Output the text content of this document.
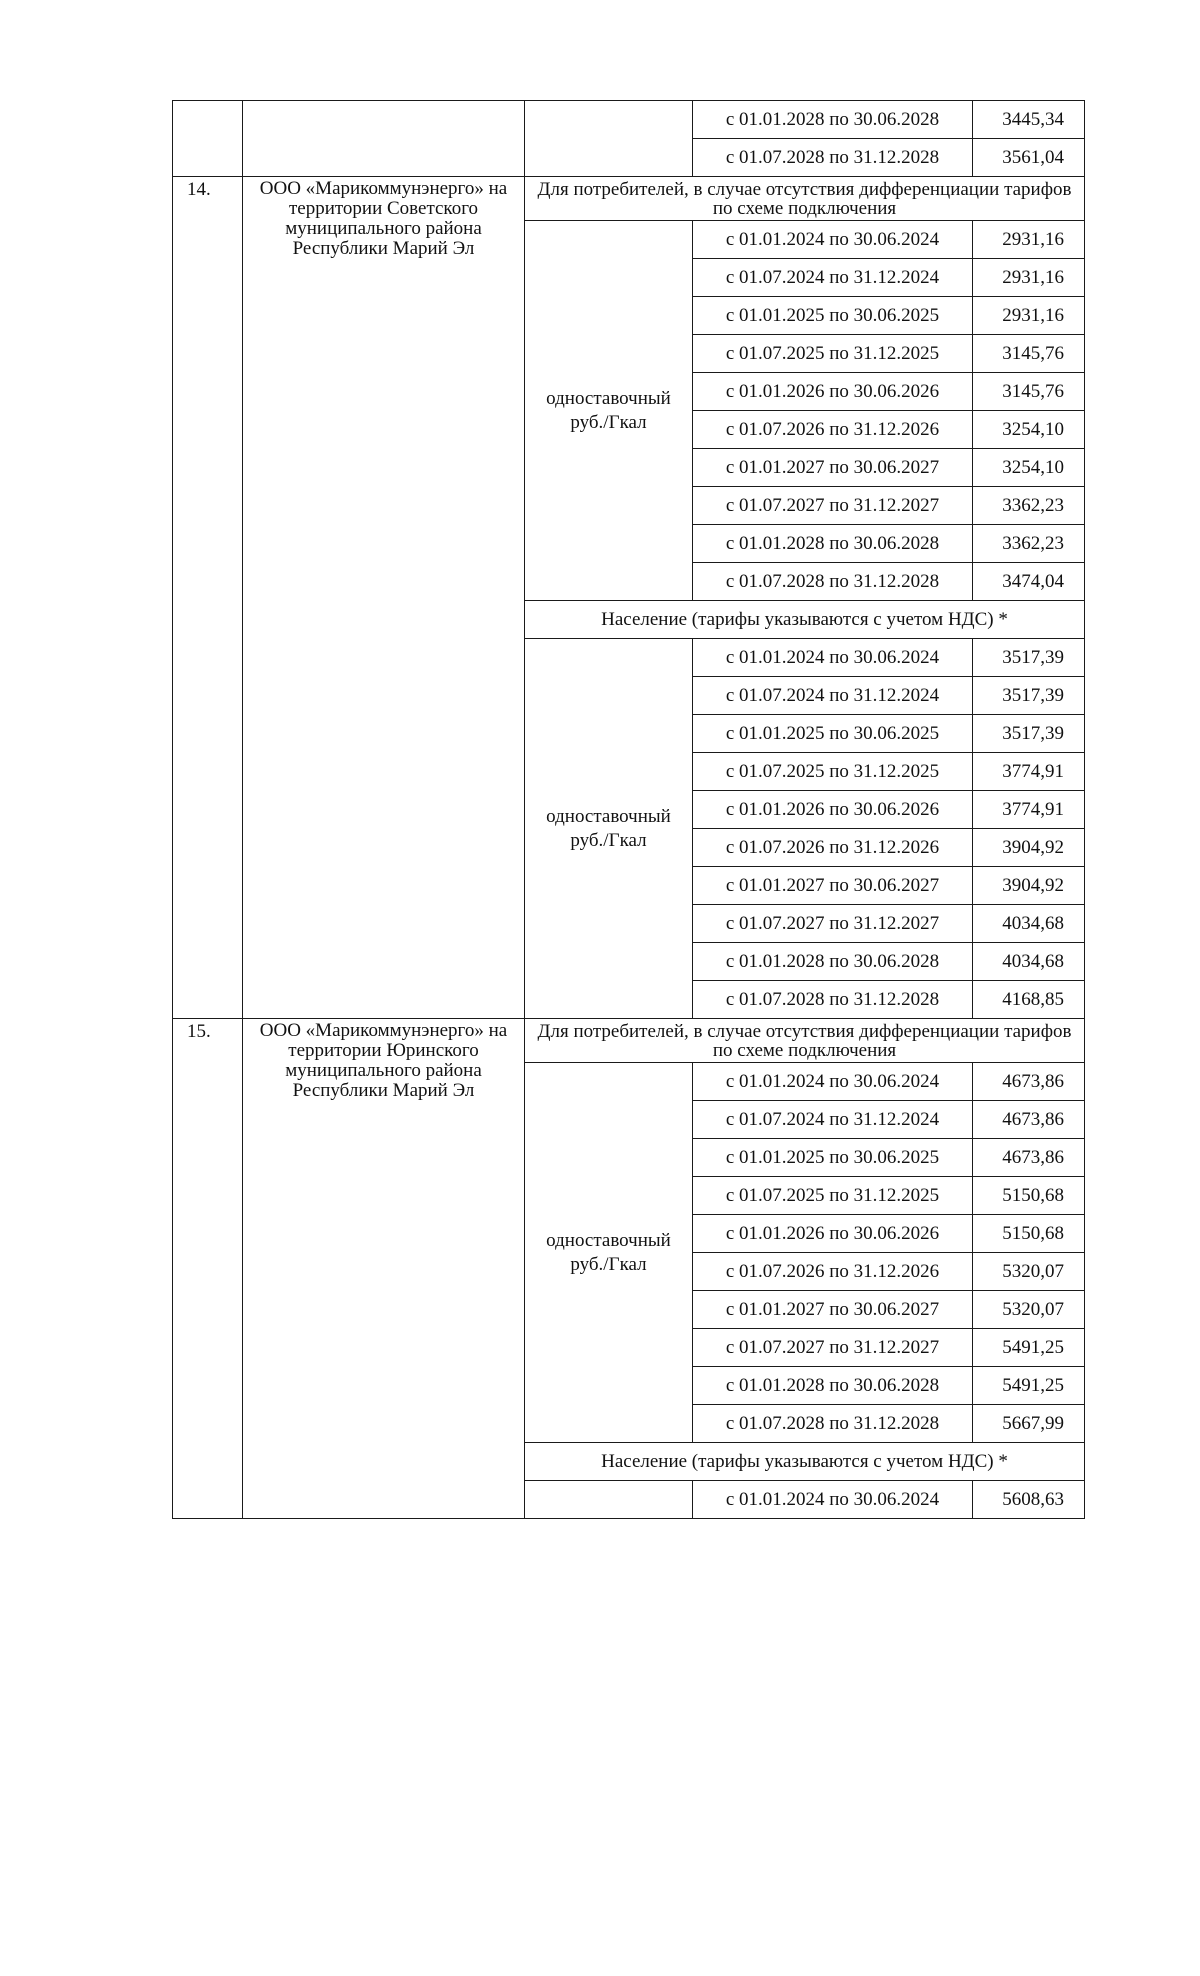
			с 01.01.2028 по 30.06.2028	3445,34
			с 01.07.2028 по 31.12.2028	3561,04
14.	ООО «Марикоммунэнерго» на территории Советского муниципального района Республики Марий Эл	Для потребителей, в случае отсутствия дифференциации тарифов по схеме подключения		
		одноставочный руб./Гкал	с 01.01.2024 по 30.06.2024	2931,16
			с 01.07.2024 по 31.12.2024	2931,16
			с 01.01.2025 по 30.06.2025	2931,16
			с 01.07.2025 по 31.12.2025	3145,76
			с 01.01.2026 по 30.06.2026	3145,76
			с 01.07.2026 по 31.12.2026	3254,10
			с 01.01.2027 по 30.06.2027	3254,10
			с 01.07.2027 по 31.12.2027	3362,23
			с 01.01.2028 по 30.06.2028	3362,23
			с 01.07.2028 по 31.12.2028	3474,04
		Население (тарифы указываются с учетом НДС) *		
		одноставочный руб./Гкал	с 01.01.2024 по 30.06.2024	3517,39
			с 01.07.2024 по 31.12.2024	3517,39
			с 01.01.2025 по 30.06.2025	3517,39
			с 01.07.2025 по 31.12.2025	3774,91
			с 01.01.2026 по 30.06.2026	3774,91
			с 01.07.2026 по 31.12.2026	3904,92
			с 01.01.2027 по 30.06.2027	3904,92
			с 01.07.2027 по 31.12.2027	4034,68
			с 01.01.2028 по 30.06.2028	4034,68
			с 01.07.2028 по 31.12.2028	4168,85
15.	ООО «Марикоммунэнерго» на территории Юринского муниципального района Республики Марий Эл	Для потребителей, в случае отсутствия дифференциации тарифов по схеме подключения		
		одноставочный руб./Гкал	с 01.01.2024 по 30.06.2024	4673,86
			с 01.07.2024 по 31.12.2024	4673,86
			с 01.01.2025 по 30.06.2025	4673,86
			с 01.07.2025 по 31.12.2025	5150,68
			с 01.01.2026 по 30.06.2026	5150,68
			с 01.07.2026 по 31.12.2026	5320,07
			с 01.01.2027 по 30.06.2027	5320,07
			с 01.07.2027 по 31.12.2027	5491,25
			с 01.01.2028 по 30.06.2028	5491,25
			с 01.07.2028 по 31.12.2028	5667,99
		Население (тарифы указываются с учетом НДС) *		
			с 01.01.2024 по 30.06.2024	5608,63
